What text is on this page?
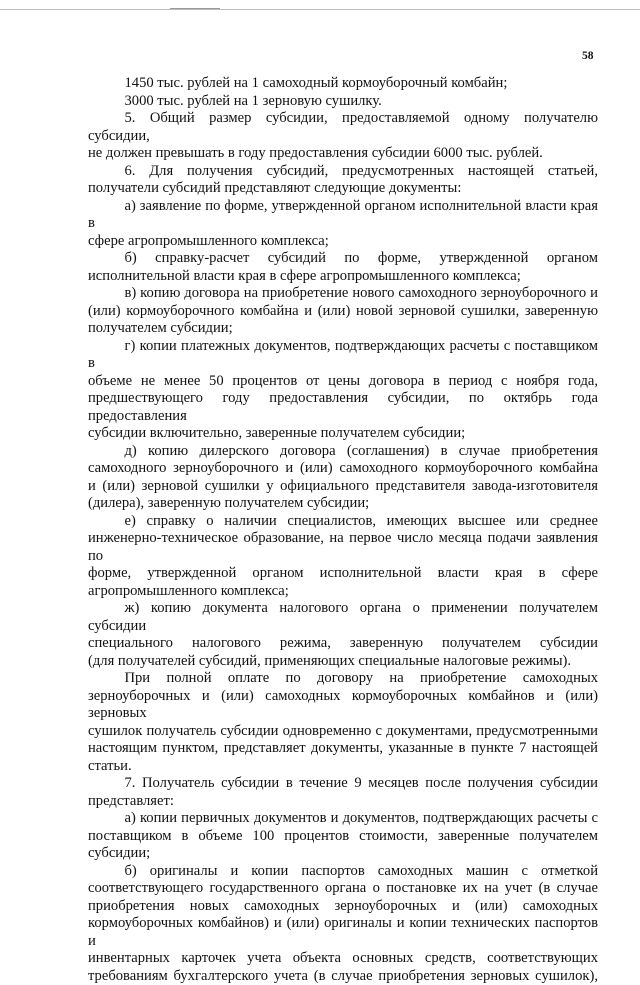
58

1450 тыс. рублей на 1 самоходный кормоуборочный комбайн;

3000 тыс. рублей на 1 зерновую сушилку.

5. Общий размер субсидии, предоставляемой одному получателю субсидии,

не должен превышать в году предоставления субсидии 6000 тыс. рублей.

6. Для получения субсидий, предусмотренных настоящей статьей,

получатели субсидий представляют следующие документы:

а) заявление по форме, утвержденной органом исполнительной власти края в

сфере агропромышленного комплекса;

б) справку-расчет субсидий по форме, утвержденной органом

исполнительной власти края в сфере агропромышленного комплекса;

в) копию договора на приобретение нового самоходного зерноуборочного и

(или) кормоуборочного комбайна и (или) новой зерновой сушилки, заверенную

получателем субсидии;

г) копии платежных документов, подтверждающих расчеты с поставщиком в

объеме не менее 50 процентов от цены договора в период с ноября года,

предшествующего году предоставления субсидии, по октябрь года предоставления

субсидии включительно, заверенные получателем субсидии;

д) копию дилерского договора (соглашения) в случае приобретения

самоходного зерноуборочного и (или) самоходного кормоуборочного комбайна

и (или) зерновой сушилки у официального представителя завода-изготовителя

(дилера), заверенную получателем субсидии;

е) справку о наличии специалистов, имеющих высшее или среднее

инженерно-техническое образование, на первое число месяца подачи заявления по

форме, утвержденной органом исполнительной власти края в сфере

агропромышленного комплекса;

ж) копию документа налогового органа о применении получателем субсидии

специального налогового режима, заверенную получателем субсидии

(для получателей субсидий, применяющих специальные налоговые режимы).

При полной оплате по договору на приобретение самоходных

зерноуборочных и (или) самоходных кормоуборочных комбайнов и (или) зерновых

сушилок получатель субсидии одновременно с документами, предусмотренными

настоящим пунктом, представляет документы, указанные в пункте 7 настоящей

статьи.

7. Получатель субсидии в течение 9 месяцев после получения субсидии

представляет:

а) копии первичных документов и документов, подтверждающих расчеты с

поставщиком в объеме 100 процентов стоимости, заверенные получателем

субсидии;

б) оригиналы и копии паспортов самоходных машин с отметкой

соответствующего государственного органа о постановке их на учет (в случае

приобретения новых самоходных зерноуборочных и (или) самоходных

кормоуборочных комбайнов) и (или) оригиналы и копии технических паспортов и

инвентарных карточек учета объекта основных средств, соответствующих

требованиям бухгалтерского учета (в случае приобретения зерновых сушилок),
